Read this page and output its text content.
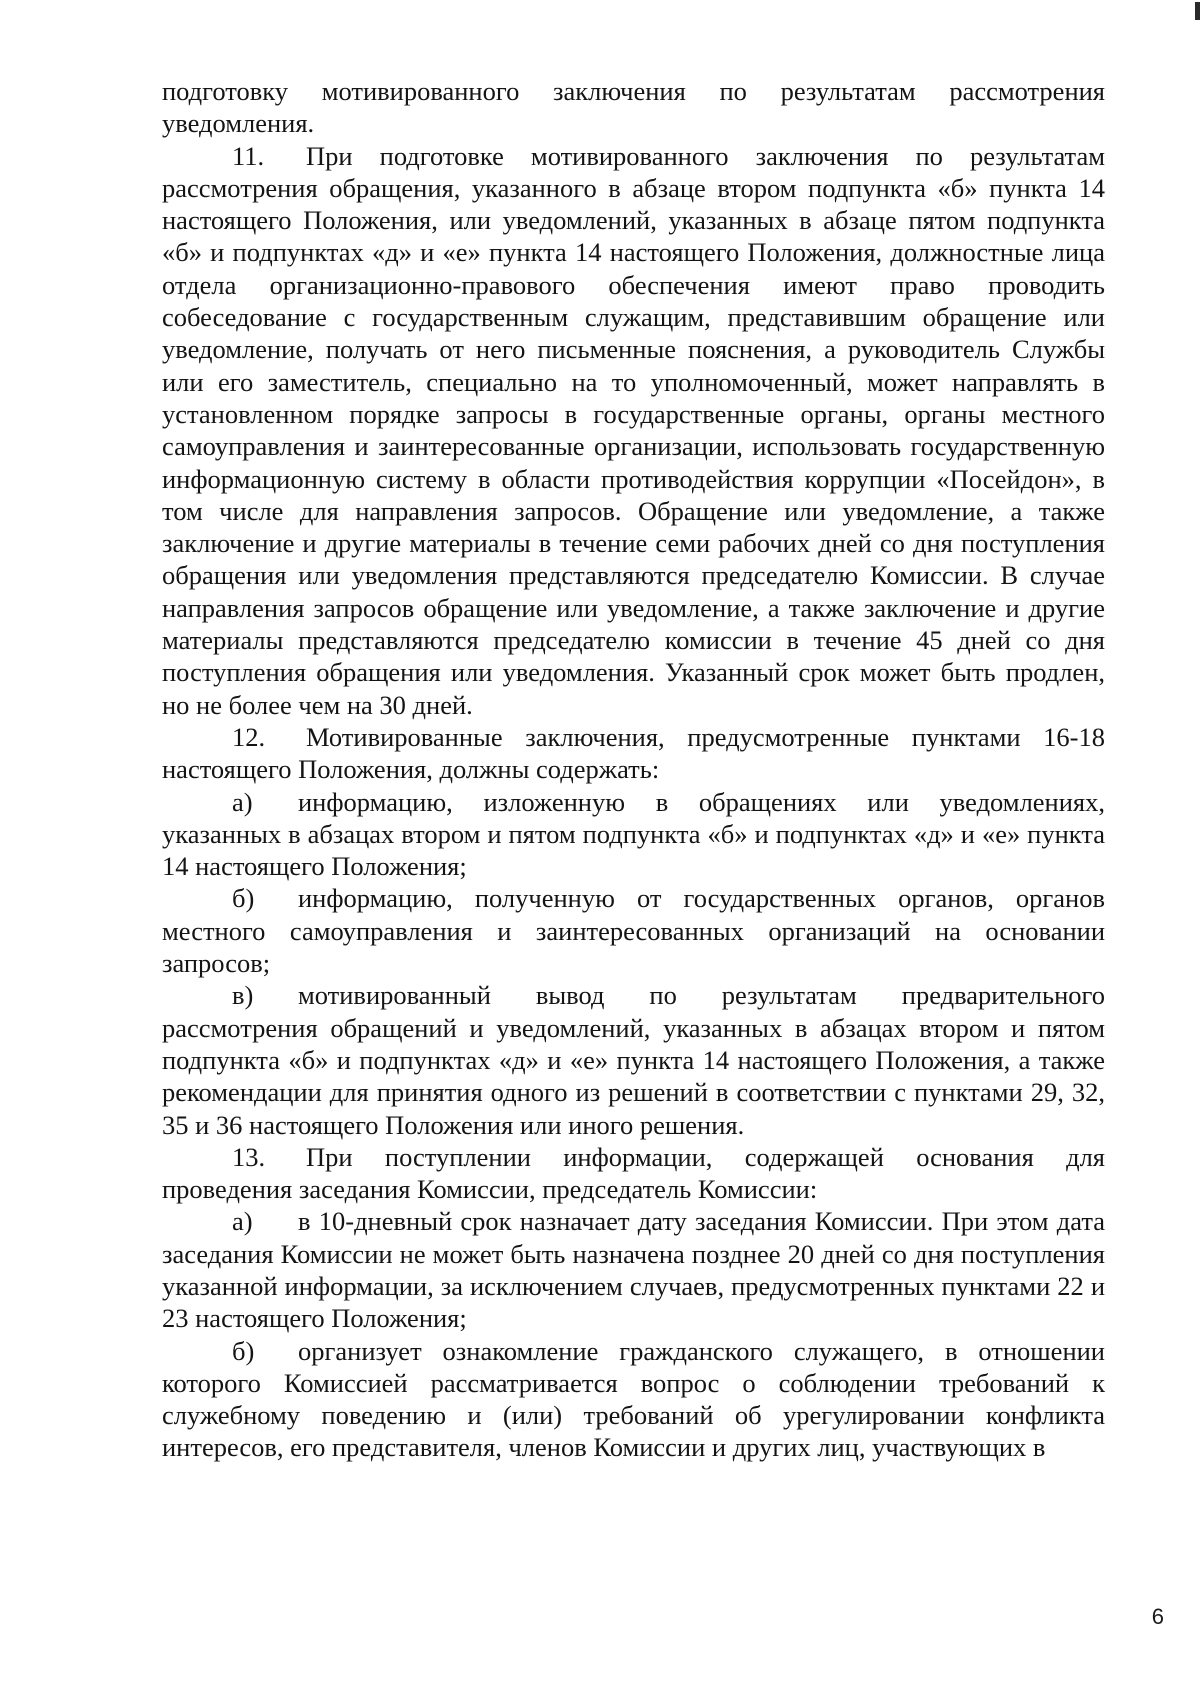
подготовку мотивированного заключения по результатам рассмотрения уведомления.

11. При подготовке мотивированного заключения по результатам рассмотрения обращения, указанного в абзаце втором подпункта «б» пункта 14 настоящего Положения, или уведомлений, указанных в абзаце пятом подпункта «б» и подпунктах «д» и «е» пункта 14 настоящего Положения, должностные лица отдела организационно-правового обеспечения имеют право проводить собеседование с государственным служащим, представившим обращение или уведомление, получать от него письменные пояснения, а руководитель Службы или его заместитель, специально на то уполномоченный, может направлять в установленном порядке запросы в государственные органы, органы местного самоуправления и заинтересованные организации, использовать государственную информационную систему в области противодействия коррупции «Посейдон», в том числе для направления запросов. Обращение или уведомление, а также заключение и другие материалы в течение семи рабочих дней со дня поступления обращения или уведомления представляются председателю Комиссии. В случае направления запросов обращение или уведомление, а также заключение и другие материалы представляются председателю комиссии в течение 45 дней со дня поступления обращения или уведомления. Указанный срок может быть продлен, но не более чем на 30 дней.

12. Мотивированные заключения, предусмотренные пунктами 16-18 настоящего Положения, должны содержать:

а) информацию, изложенную в обращениях или уведомлениях, указанных в абзацах втором и пятом подпункта «б» и подпунктах «д» и «е» пункта 14 настоящего Положения;

б) информацию, полученную от государственных органов, органов местного самоуправления и заинтересованных организаций на основании запросов;

в) мотивированный вывод по результатам предварительного рассмотрения обращений и уведомлений, указанных в абзацах втором и пятом подпункта «б» и подпунктах «д» и «е» пункта 14 настоящего Положения, а также рекомендации для принятия одного из решений в соответствии с пунктами 29, 32, 35 и 36 настоящего Положения или иного решения.

13. При поступлении информации, содержащей основания для проведения заседания Комиссии, председатель Комиссии:

а) в 10-дневный срок назначает дату заседания Комиссии. При этом дата заседания Комиссии не может быть назначена позднее 20 дней со дня поступления указанной информации, за исключением случаев, предусмотренных пунктами 22 и 23 настоящего Положения;

б) организует ознакомление гражданского служащего, в отношении которого Комиссией рассматривается вопрос о соблюдении требований к служебному поведению и (или) требований об урегулировании конфликта интересов, его представителя, членов Комиссии и других лиц, участвующих в

6
